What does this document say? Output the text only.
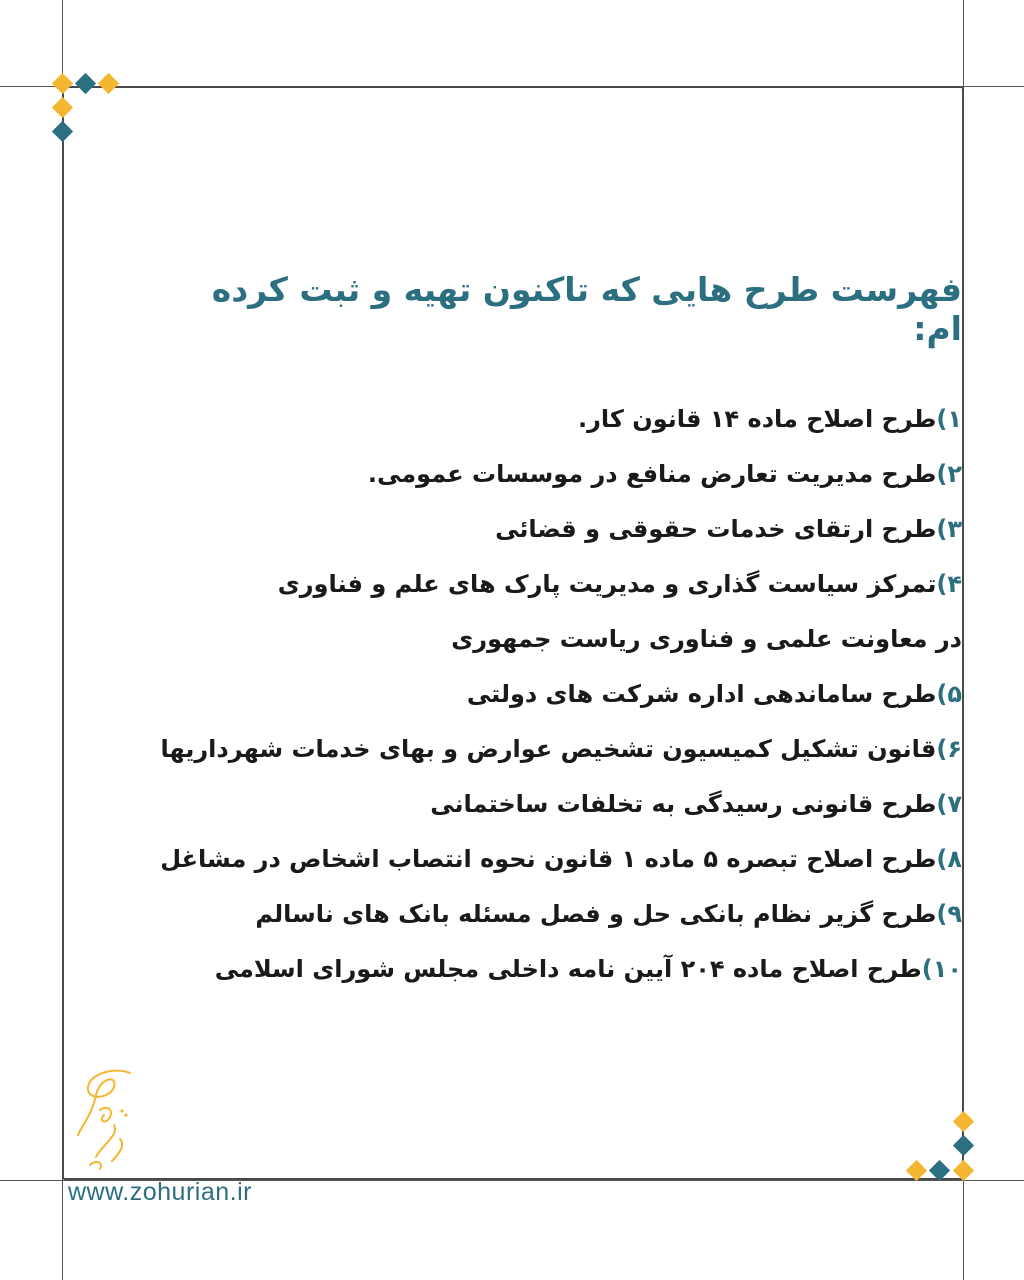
فهرست طرح هایی که تاکنون تهیه و ثبت کرده ام:
۱)طرح اصلاح ماده ۱۴ قانون کار.
۲)طرح مدیریت تعارض منافع در موسسات عمومی.
۳)طرح ارتقای خدمات حقوقی و قضائی
۴)تمرکز سیاست گذاری و مدیریت پارک های علم و فناوری
در معاونت علمی و فناوری ریاست جمهوری
۵)طرح ساماندهی اداره شرکت های دولتی
۶)قانون تشکیل کمیسیون تشخیص عوارض و بهای خدمات شهرداریها
۷)طرح قانونی رسیدگی به تخلفات ساختمانی
۸)طرح اصلاح تبصره ۵ ماده ۱ قانون نحوه انتصاب اشخاص در مشاغل
۹)طرح گزیر نظام بانکی حل و فصل مسئله بانک های ناسالم
۱۰)طرح اصلاح ماده ۲۰۴ آیین نامه داخلی مجلس شورای اسلامی
www.zohurian.ir
